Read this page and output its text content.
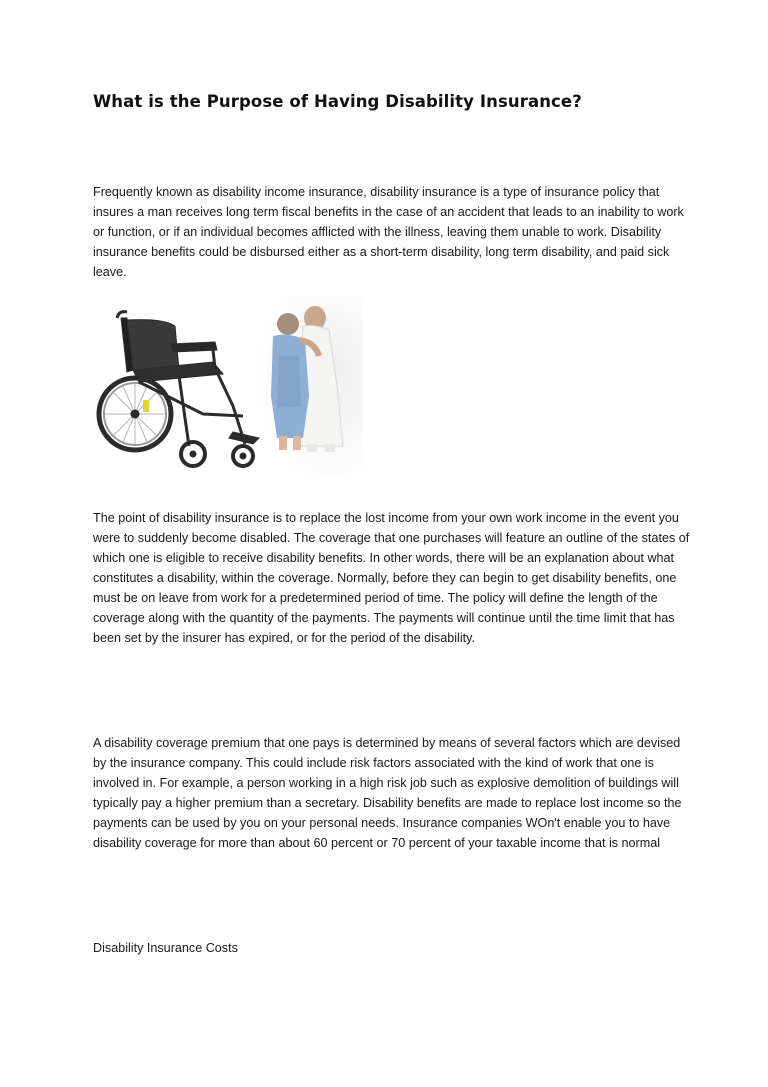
What is the Purpose of Having Disability Insurance?

Frequently known as disability income insurance, disability insurance is a type of insurance policy that insures a man receives long term fiscal benefits in the case of an accident that leads to an inability to work or function, or if an individual becomes afflicted with the illness, leaving them unable to work. Disability insurance benefits could be disbursed either as a short-term disability, long term disability, and paid sick leave.

The point of disability insurance is to replace the lost income from your own work income in the event you were to suddenly become disabled. The coverage that one purchases will feature an outline of the states of which one is eligible to receive disability benefits. In other words, there will be an explanation about what constitutes a disability, within the coverage. Normally, before they can begin to get disability benefits, one must be on leave from work for a predetermined period of time. The policy will define the length of the coverage along with the quantity of the payments. The payments will continue until the time limit that has been set by the insurer has expired, or for the period of the disability.

A disability coverage premium that one pays is determined by means of several factors which are devised by the insurance company. This could include risk factors associated with the kind of work that one is involved in. For example, a person working in a high risk job such as explosive demolition of buildings will typically pay a higher premium than a secretary. Disability benefits are made to replace lost income so the payments can be used by you on your personal needs. Insurance companies WOn't enable you to have disability coverage for more than about 60 percent or 70 percent of your taxable income that is normal

Disability Insurance Costs
